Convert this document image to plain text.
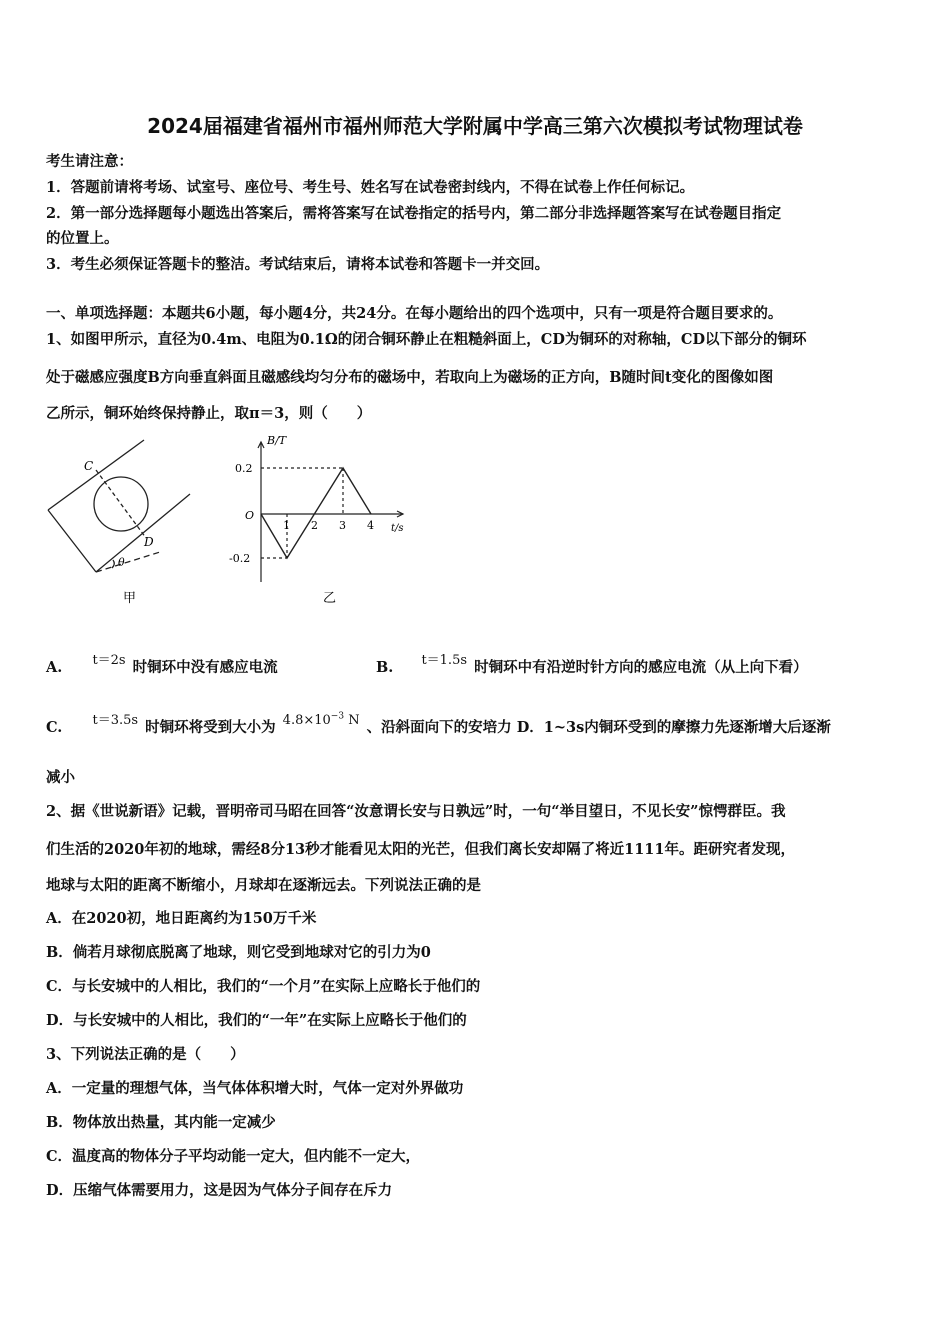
2024届福建省福州市福州师范大学附属中学高三第六次模拟考试物理试卷
考生请注意：
1．答题前请将考场、试室号、座位号、考生号、姓名写在试卷密封线内，不得在试卷上作任何标记。
2．第一部分选择题每小题选出答案后，需将答案写在试卷指定的括号内，第二部分非选择题答案写在试卷题目指定
的位置上。
3．考生必须保证答题卡的整洁。考试结束后，请将本试卷和答题卡一并交回。
一、单项选择题：本题共6小题，每小题4分，共24分。在每小题给出的四个选项中，只有一项是符合题目要求的。
1、如图甲所示，直径为0.4m、电阻为0.1Ω的闭合铜环静止在粗糙斜面上，CD为铜环的对称轴，CD以下部分的铜环
处于磁感应强度B方向垂直斜面且磁感线均匀分布的磁场中，若取向上为磁场的正方向，B随时间t变化的图像如图
乙所示，铜环始终保持静止，取π＝3，则（　　）
C
D
θ
甲
B/T
t/s
O
0.2
-0.2
1 2 3 4
乙
A. t＝2s 时铜环中没有感应电流	B. t＝1.5s 时铜环中有沿逆时针方向的感应电流（从上向下看）
C. t＝3.5s 时铜环将受到大小为 $4.8\times 10^{-3}$ N 、沿斜面向下的安培力 D．1~3s内铜环受到的摩擦力先逐渐增大后逐渐
减小
2、据《世说新语》记载，晋明帝司马昭在回答“汝意谓长安与日孰远”时，一句“举目望日，不见长安”惊愕群臣。我
们生活的2020年初的地球，需经8分13秒才能看见太阳的光芒，但我们离长安却隔了将近1111年。距研究者发现，
地球与太阳的距离不断缩小，月球却在逐渐远去。下列说法正确的是
A．在2020初，地日距离约为150万千米
B．倘若月球彻底脱离了地球，则它受到地球对它的引力为0
C．与长安城中的人相比，我们的“一个月”在实际上应略长于他们的
D．与长安城中的人相比，我们的“一年”在实际上应略长于他们的
3、下列说法正确的是（　　）
A．一定量的理想气体，当气体体积增大时，气体一定对外界做功
B．物体放出热量，其内能一定减少
C．温度高的物体分子平均动能一定大，但内能不一定大，
D．压缩气体需要用力，这是因为气体分子间存在斥力
